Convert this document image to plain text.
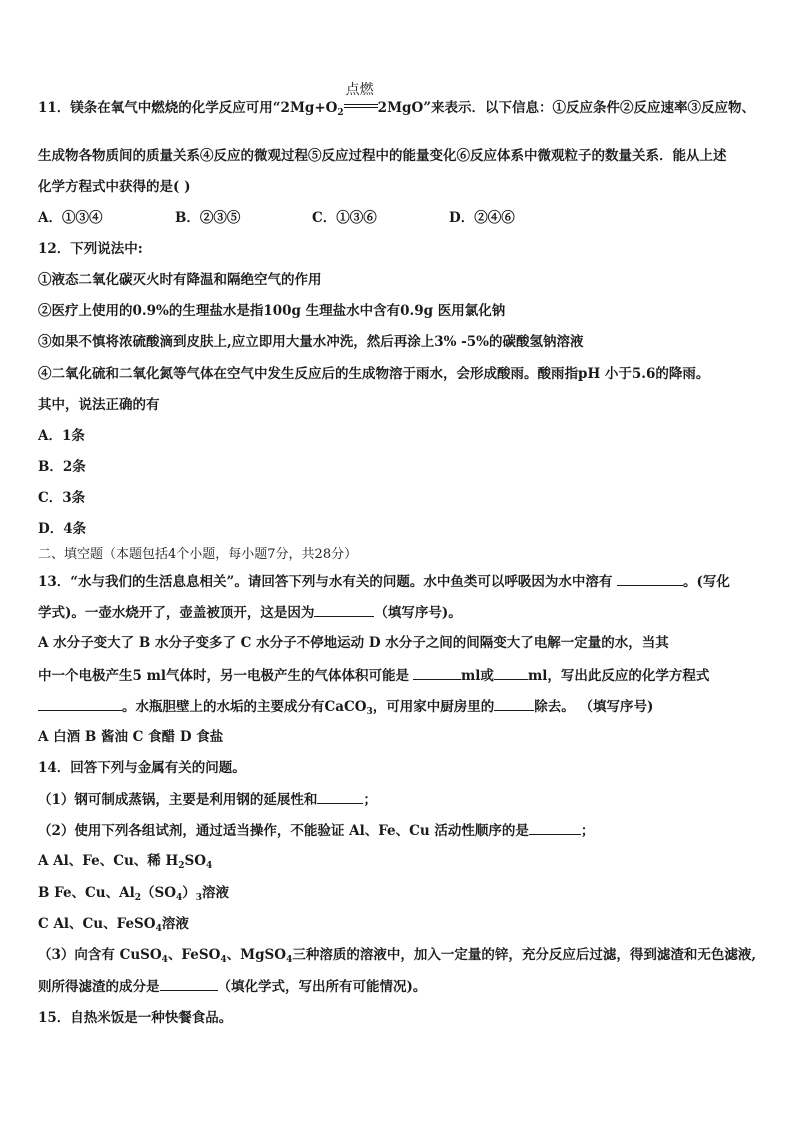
11．镁条在氧气中燃烧的化学反应可用“$2Mg+O_2$
点燃
2MgO”来表示．以下信息：①反应条件②反应速率③反应物、
生成物各物质间的质量关系④反应的微观过程⑤反应过程中的能量变化⑥反应体系中微观粒子的数量关系．能从上述
化学方程式中获得的是( )
A．①③④	B．②③⑤	C．①③⑥	D．②④⑥
12．下列说法中:
①液态二氧化碳灭火时有降温和隔绝空气的作用
②医疗上使用的0.9%的生理盐水是指100g 生理盐水中含有0.9g 医用氯化钠
③如果不慎将浓硫酸滴到皮肤上,应立即用大量水冲洗，然后再涂上3% -5%的碳酸氢钠溶液
④二氧化硫和二氧化氮等气体在空气中发生反应后的生成物溶于雨水，会形成酸雨。酸雨指pH 小于5.6的降雨。
其中，说法正确的有
A．1条
B．2条
C．3条
D．4条
二、填空题（本题包括4个小题，每小题7分，共28分）
13．“水与我们的生活息息相关”。请回答下列与水有关的问题。水中鱼类可以呼吸因为水中溶有	。(写化
学式)。一壶水烧开了，壶盖被顶开，这是因为	（填写序号)。
A 水分子变大了 B 水分子变多了 C 水分子不停地运动 D 水分子之间的间隔变大了电解一定量的水，当其
中一个电极产生5 ml气体时，另一电极产生的气体体积可能是	ml或	ml，写出此反应的化学方程式
。水瓶胆壁上的水垢的主要成分有CaCO$_3$，可用家中厨房里的	除去。 （填写序号)
A 白酒 B 酱油 C 食醋 D 食盐
14．回答下列与金属有关的问题。
（1）钢可制成蒸锅，主要是利用钢的延展性和	；
（2）使用下列各组试剂，通过适当操作，不能验证 Al、Fe、Cu 活动性顺序的是	；
A Al、Fe、Cu、稀 $H_2SO_4$
B Fe、Cu、$Al_2(SO_4)_3$溶液
C Al、Cu、FeSO$_4$溶液
（3）向含有 CuSO$_4$、FeSO$_4$、MgSO$_4$三种溶质的溶液中，加入一定量的锌，充分反应后过滤，得到滤渣和无色滤液,
则所得滤渣的成分是	（填化学式，写出所有可能情况)。
15．自热米饭是一种快餐食品。
